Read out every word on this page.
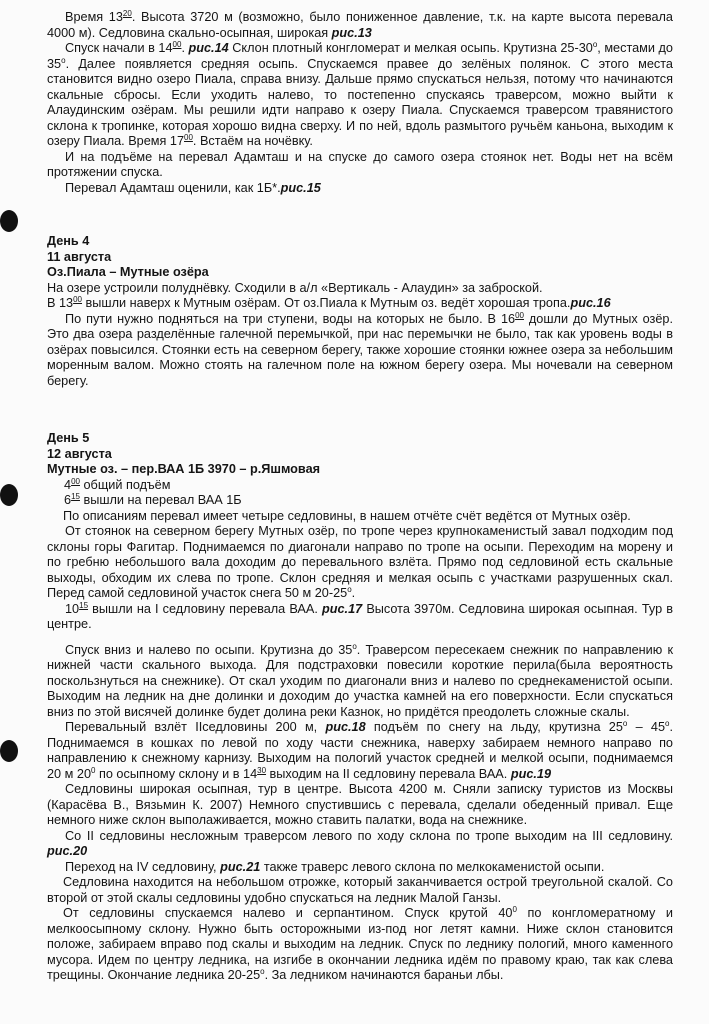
Время $13^{20}$. Высота 3720 м (возможно, было пониженное давление, т.к. на карте высота перевала 4000 м). Седловина скально-осыпная, широкая рис.13

Спуск начали в $14^{00}$. рис.14 Склон плотный конгломерат и мелкая осыпь. Крутизна 25-30$^o$, местами до 35$^o$. Далее появляется средняя осыпь. Спускаемся правее до зелёных полянок. С этого места становится видно озеро Пиала, справа внизу. Дальше прямо спускаться нельзя, потому что начинаются скальные сбросы. Если уходить налево, то постепенно спускаясь траверсом, можно выйти к Алаудинским озёрам. Мы решили идти направо к озеру Пиала. Спускаемся траверсом травянистого склона к тропинке, которая хорошо видна сверху. И по ней, вдоль размытого ручьём каньона, выходим к озеру Пиала. Время $17^{00}$. Встаём на ночёвку.

И на подъёме на перевал Адамташ и на спуске до самого озера стоянок нет. Воды нет на всём протяжении спуска.

Перевал Адамташ оценили, как 1Б*.рис.15

День 4

11 августа

Оз.Пиала – Мутные озёра

На озере устроили полуднёвку. Сходили в а/л «Вертикаль - Алаудин» за заброской.

В $13^{00}$ вышли наверх к Мутным озёрам. От оз.Пиала к Мутным оз. ведёт хорошая тропа.рис.16

По пути нужно подняться на три ступени, воды на которых не было. В $16^{00}$ дошли до Мутных озёр. Это два озера разделённые галечной перемычкой, при нас перемычки не было, так как уровень воды в озёрах повысился. Стоянки есть на северном берегу, также хорошие стоянки южнее озера за небольшим моренным валом. Можно стоять на галечном поле на южном берегу озера. Мы ночевали на северном берегу.

День 5

12 августа

Мутные оз. – пер.ВАА 1Б 3970 – р.Яшмовая

$4^{00}$ общий подъём

$6^{15}$ вышли на перевал ВАА 1Б

По описаниям перевал имеет четыре седловины, в нашем отчёте счёт ведётся от Мутных озёр.

От стоянок на северном берегу Мутных озёр, по тропе через крупнокаменистый завал подходим под склоны горы Фагитар. Поднимаемся по диагонали направо по тропе на осыпи. Переходим на морену и по гребню небольшого вала доходим до перевального взлёта. Прямо под седловиной есть скальные выходы, обходим их слева по тропе. Склон средняя и мелкая осыпь с участками разрушенных скал. Перед самой седловиной участок снега 50 м 20-25$^o$.

$10^{15}$ вышли на I седловину перевала ВАА. рис.17 Высота 3970м. Седловина широкая осыпная. Тур в центре.

Спуск вниз и налево по осыпи. Крутизна до 35$^o$. Траверсом пересекаем снежник по направлению к нижней части скального выхода. Для подстраховки повесили короткие перила(была вероятность поскользнуться на снежнике). От скал уходим по диагонали вниз и налево по среднекаменистой осыпи. Выходим на ледник на дне долинки и доходим до участка камней на его поверхности. Если спускаться вниз по этой висячей долинке будет долина реки Казнок, но придётся преодолеть сложные скалы.

Перевальный взлёт IIседловины 200 м, рис.18 подъём по снегу на льду, крутизна 25$^o$ – 45$^o$. Поднимаемся в кошках по левой по ходу части снежника, наверху забираем немного направо по направлению к снежному карнизу. Выходим на пологий участок средней и мелкой осыпи, поднимаемся 20 м $20^0$ по осыпному склону и в $14^{30}$ выходим на II седловину перевала ВАА. рис.19

Седловины широкая осыпная, тур в центре. Высота 4200 м. Сняли записку туристов из Москвы (Карасёва В., Вязьмин К. 2007) Немного спустившись с перевала, сделали обеденный привал. Еще немного ниже склон выполаживается, можно ставить палатки, вода на снежнике.

Со II седловины несложным траверсом левого по ходу склона по тропе выходим на III седловину. рис.20

Переход на IV седловину, рис.21 также траверс левого склона по мелкокаменистой осыпи.

Седловина находится на небольшом отрожке, который заканчивается острой треугольной скалой. Со второй от этой скалы седловины удобно спускаться на ледник Малой Ганзы.

От седловины спускаемся налево и серпантином. Спуск крутой $40^0$ по конгломератному и мелкоосыпному склону. Нужно быть осторожными из-под ног летят камни. Ниже склон становится положе, забираем вправо под скалы и выходим на ледник. Спуск по леднику пологий, много каменного мусора. Идем по центру ледника, на изгибе в окончании ледника идём по правому краю, так как слева трещины. Окончание ледника 20-25$^o$. За ледником начинаются бараньи лбы.
